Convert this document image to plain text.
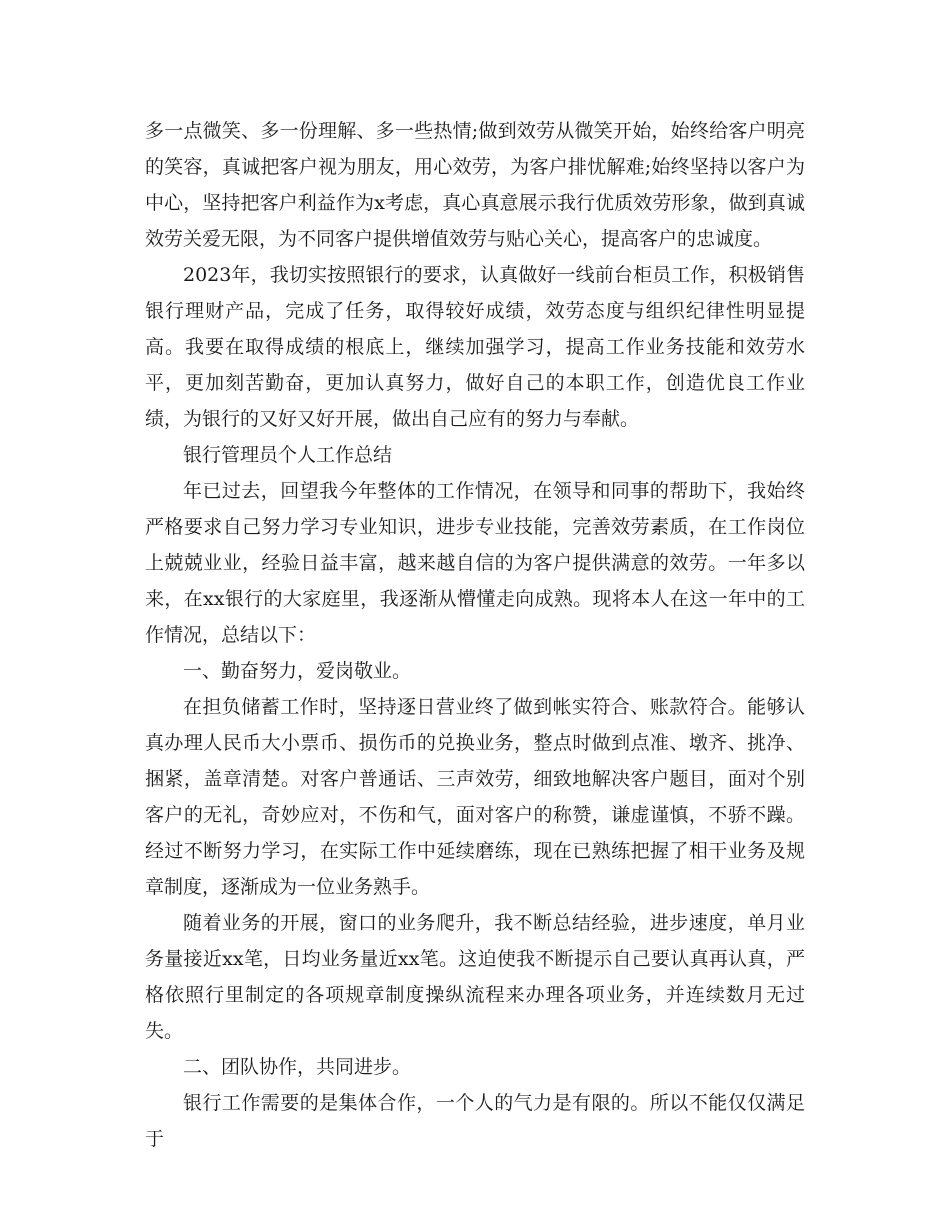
多一点微笑、多一份理解、多一些热情;做到效劳从微笑开始，始终给客户明亮的笑容，真诚把客户视为朋友，用心效劳，为客户排忧解难;始终坚持以客户为中心，坚持把客户利益作为x考虑，真心真意展示我行优质效劳形象，做到真诚效劳关爱无限，为不同客户提供增值效劳与贴心关心，提高客户的忠诚度。

2023年，我切实按照银行的要求，认真做好一线前台柜员工作，积极销售银行理财产品，完成了任务，取得较好成绩，效劳态度与组织纪律性明显提高。我要在取得成绩的根底上，继续加强学习，提高工作业务技能和效劳水平，更加刻苦勤奋，更加认真努力，做好自己的本职工作，创造优良工作业绩，为银行的又好又好开展，做出自己应有的努力与奉献。

银行管理员个人工作总结

年已过去，回望我今年整体的工作情况，在领导和同事的帮助下，我始终严格要求自己努力学习专业知识，进步专业技能，完善效劳素质，在工作岗位上兢兢业业，经验日益丰富，越来越自信的为客户提供满意的效劳。一年多以来，在xx银行的大家庭里，我逐渐从懵懂走向成熟。现将本人在这一年中的工作情况，总结以下：

一、勤奋努力，爱岗敬业。

在担负储蓄工作时，坚持逐日营业终了做到帐实符合、账款符合。能够认真办理人民币大小票币、损伤币的兑换业务，整点时做到点准、墩齐、挑净、捆紧，盖章清楚。对客户普通话、三声效劳，细致地解决客户题目，面对个别客户的无礼，奇妙应对，不伤和气，面对客户的称赞，谦虚谨慎，不骄不躁。经过不断努力学习，在实际工作中延续磨练，现在已熟练把握了相干业务及规章制度，逐渐成为一位业务熟手。

随着业务的开展，窗口的业务爬升，我不断总结经验，进步速度，单月业务量接近xx笔，日均业务量近xx笔。这迫使我不断提示自己要认真再认真，严格依照行里制定的各项规章制度操纵流程来办理各项业务，并连续数月无过失。

二、团队协作，共同进步。

银行工作需要的是集体合作，一个人的气力是有限的。所以不能仅仅满足于
